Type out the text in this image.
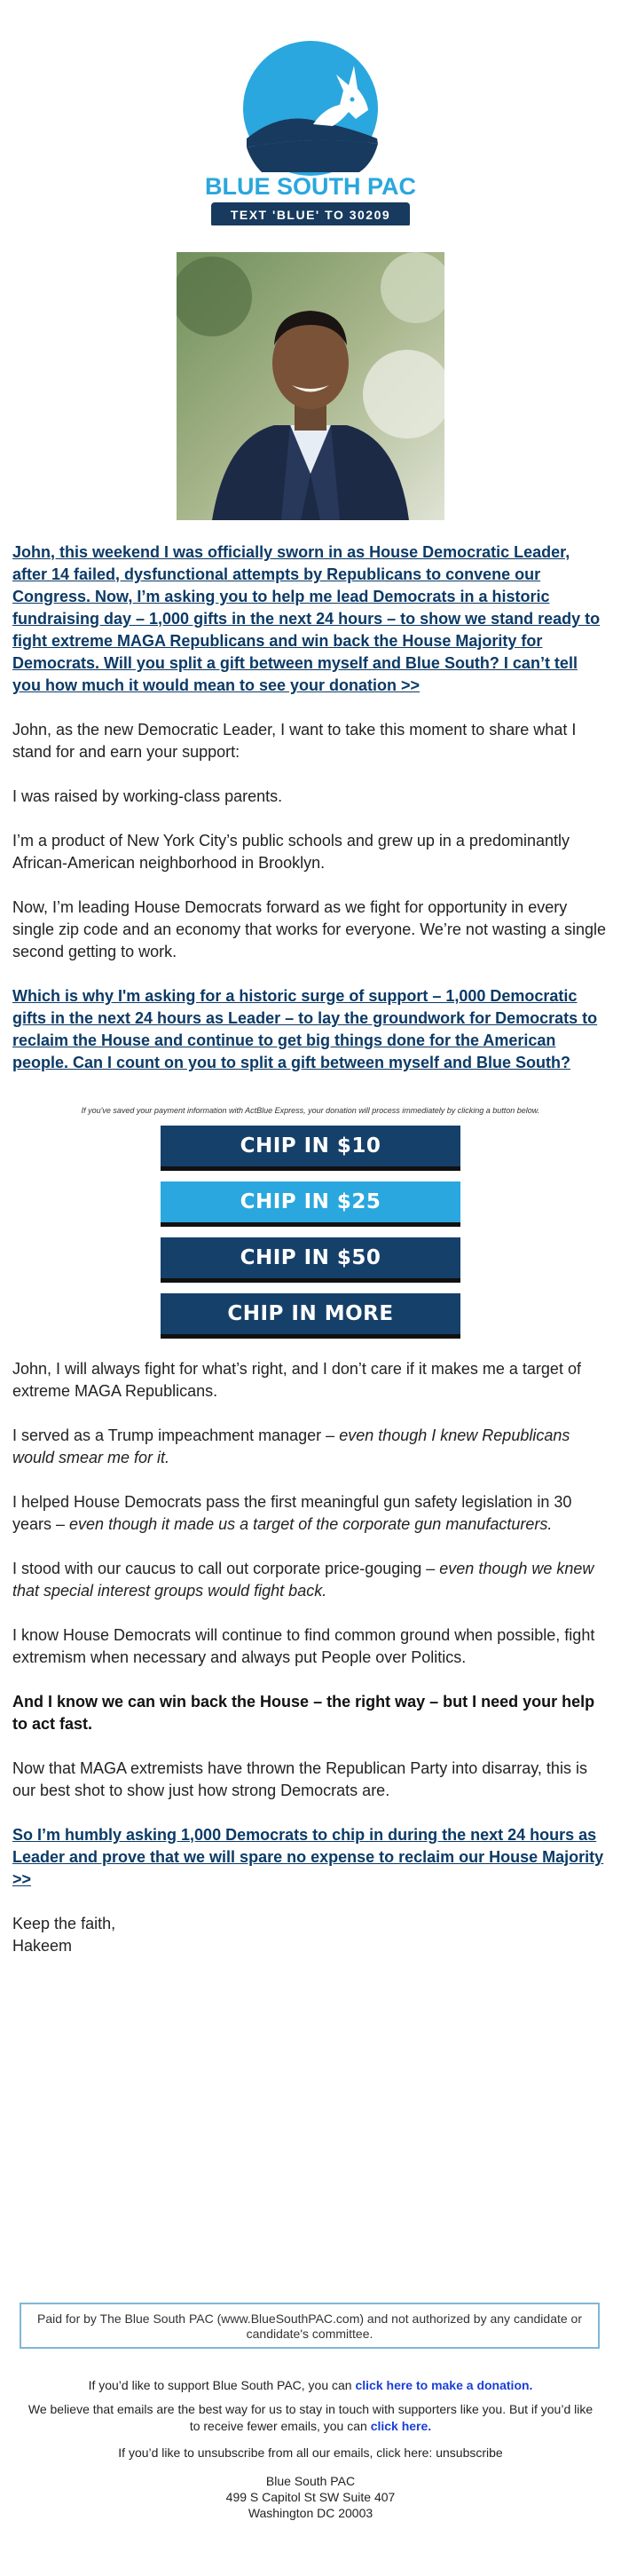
BLUE SOUTH PAC
TEXT 'BLUE' TO 30209
John, this weekend I was officially sworn in as House Democratic Leader, after 14 failed, dysfunctional attempts by Republicans to convene our Congress. Now, I’m asking you to help me lead Democrats in a historic fundraising day – 1,000 gifts in the next 24 hours – to show we stand ready to fight extreme MAGA Republicans and win back the House Majority for Democrats. Will you split a gift between myself and Blue South? I can’t tell you how much it would mean to see your donation >>

John, as the new Democratic Leader, I want to take this moment to share what I stand for and earn your support:

I was raised by working-class parents.

I’m a product of New York City’s public schools and grew up in a predominantly African-American neighborhood in Brooklyn.

Now, I’m leading House Democrats forward as we fight for opportunity in every single zip code and an economy that works for everyone. We’re not wasting a single second getting to work.

Which is why I'm asking for a historic surge of support – 1,000 Democratic gifts in the next 24 hours as Leader – to lay the groundwork for Democrats to reclaim the House and continue to get big things done for the American people. Can I count on you to split a gift between myself and Blue South?

If you've saved your payment information with ActBlue Express, your donation will process immediately by clicking a button below.

CHIP IN $10
CHIP IN $25
CHIP IN $50
CHIP IN MORE

John, I will always fight for what’s right, and I don’t care if it makes me a target of extreme MAGA Republicans.

I served as a Trump impeachment manager – even though I knew Republicans would smear me for it.

I helped House Democrats pass the first meaningful gun safety legislation in 30 years – even though it made us a target of the corporate gun manufacturers.

I stood with our caucus to call out corporate price-gouging – even though we knew that special interest groups would fight back.

I know House Democrats will continue to find common ground when possible, fight extremism when necessary and always put People over Politics.

And I know we can win back the House – the right way – but I need your help to act fast.

Now that MAGA extremists have thrown the Republican Party into disarray, this is our best shot to show just how strong Democrats are.

So I’m humbly asking 1,000 Democrats to chip in during the next 24 hours as Leader and prove that we will spare no expense to reclaim our House Majority >>

Keep the faith,

Hakeem

Paid for by The Blue South PAC (www.BlueSouthPAC.com) and not authorized by any candidate or candidate's committee.
If you’d like to support Blue South PAC, you can click here to make a donation.
We believe that emails are the best way for us to stay in touch with supporters like you. But if you’d like to receive fewer emails, you can click here.
If you’d like to unsubscribe from all our emails, click here: unsubscribe
Blue South PAC
499 S Capitol St SW Suite 407
Washington DC 20003
